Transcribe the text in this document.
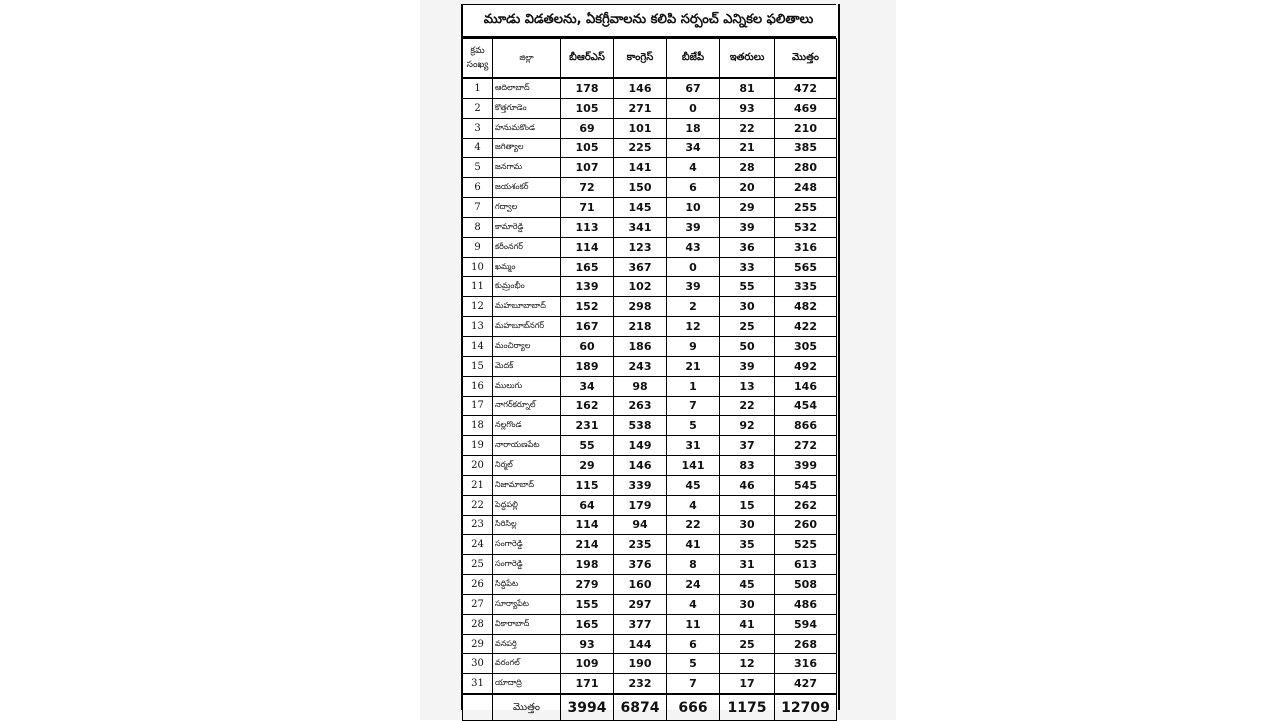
మూడు విడతలను, ఏకగ్రీవాలను కలిపి సర్పంచ్ ఎన్నికల ఫలితాలు
క్రమ సంఖ్య	జిల్లా	బీఆర్ఎస్	కాంగ్రెస్	బీజేపీ	ఇతరులు	మొత్తం
1	ఆదిలాబాద్	178	146	67	81	472
2	కొత్తగూడెం	105	271	0	93	469
3	హనుమకొండ	69	101	18	22	210
4	జగిత్యాల	105	225	34	21	385
5	జనగామ	107	141	4	28	280
6	జయశంకర్	72	150	6	20	248
7	గద్వాల	71	145	10	29	255
8	కామారెడ్డి	113	341	39	39	532
9	కరీంనగర్	114	123	43	36	316
10	ఖమ్మం	165	367	0	33	565
11	కుమ్రంభీం	139	102	39	55	335
12	మహబూబాబాద్	152	298	2	30	482
13	మహబూబ్‌నగర్	167	218	12	25	422
14	మంచిర్యాల	60	186	9	50	305
15	మెదక్	189	243	21	39	492
16	ములుగు	34	98	1	13	146
17	నాగర్‌కర్నూల్	162	263	7	22	454
18	నల్లగొండ	231	538	5	92	866
19	నారాయణపేట	55	149	31	37	272
20	నిర్మల్	29	146	141	83	399
21	నిజామాబాద్	115	339	45	46	545
22	పెద్దపల్లి	64	179	4	15	262
23	సిరిసిల్ల	114	94	22	30	260
24	సంగారెడ్డి	214	235	41	35	525
25	సంగారెడ్డి	198	376	8	31	613
26	సిద్దిపేట	279	160	24	45	508
27	సూర్యాపేట	155	297	4	30	486
28	వికారాబాద్	165	377	11	41	594
29	వనపర్తి	93	144	6	25	268
30	వరంగల్	109	190	5	12	316
31	యాదాద్రి	171	232	7	17	427
	మొత్తం	3994	6874	666	1175	12709
